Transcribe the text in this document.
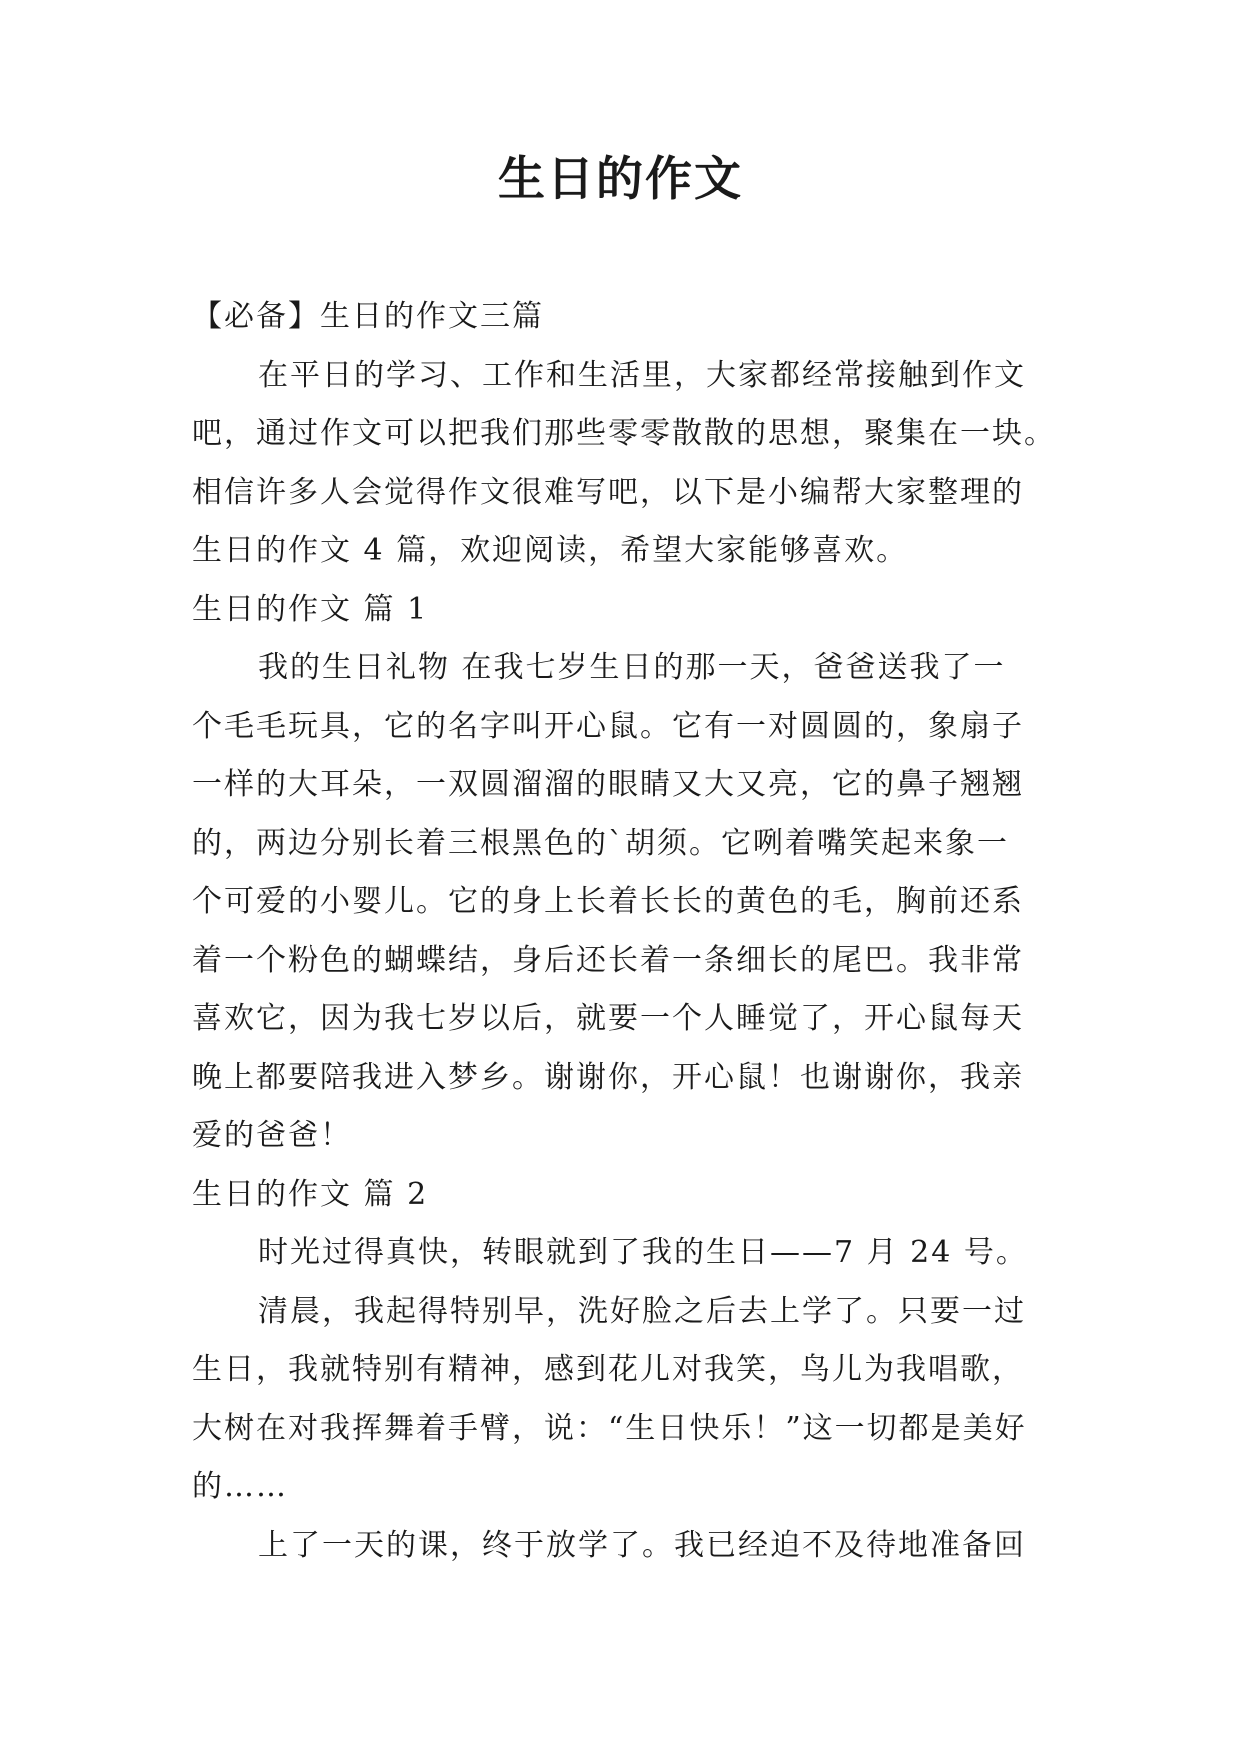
生日的作文
【必备】生日的作文三篇
在平日的学习、工作和生活里，大家都经常接触到作文
吧，通过作文可以把我们那些零零散散的思想，聚集在一块。
相信许多人会觉得作文很难写吧，以下是小编帮大家整理的
生日的作文 4 篇，欢迎阅读，希望大家能够喜欢。
生日的作文 篇 1
我的生日礼物 在我七岁生日的那一天，爸爸送我了一
个毛毛玩具，它的名字叫开心鼠。它有一对圆圆的，象扇子
一样的大耳朵，一双圆溜溜的眼睛又大又亮，它的鼻子翘翘
的，两边分别长着三根黑色的`胡须。它咧着嘴笑起来象一
个可爱的小婴儿。它的身上长着长长的黄色的毛，胸前还系
着一个粉色的蝴蝶结，身后还长着一条细长的尾巴。我非常
喜欢它，因为我七岁以后，就要一个人睡觉了，开心鼠每天
晚上都要陪我进入梦乡。谢谢你，开心鼠！也谢谢你，我亲
爱的爸爸！
生日的作文 篇 2
时光过得真快，转眼就到了我的生日——7 月 24 号。
清晨，我起得特别早，洗好脸之后去上学了。只要一过
生日，我就特别有精神，感到花儿对我笑，鸟儿为我唱歌，
大树在对我挥舞着手臂，说：“生日快乐！”这一切都是美好
的……
上了一天的课，终于放学了。我已经迫不及待地准备回
